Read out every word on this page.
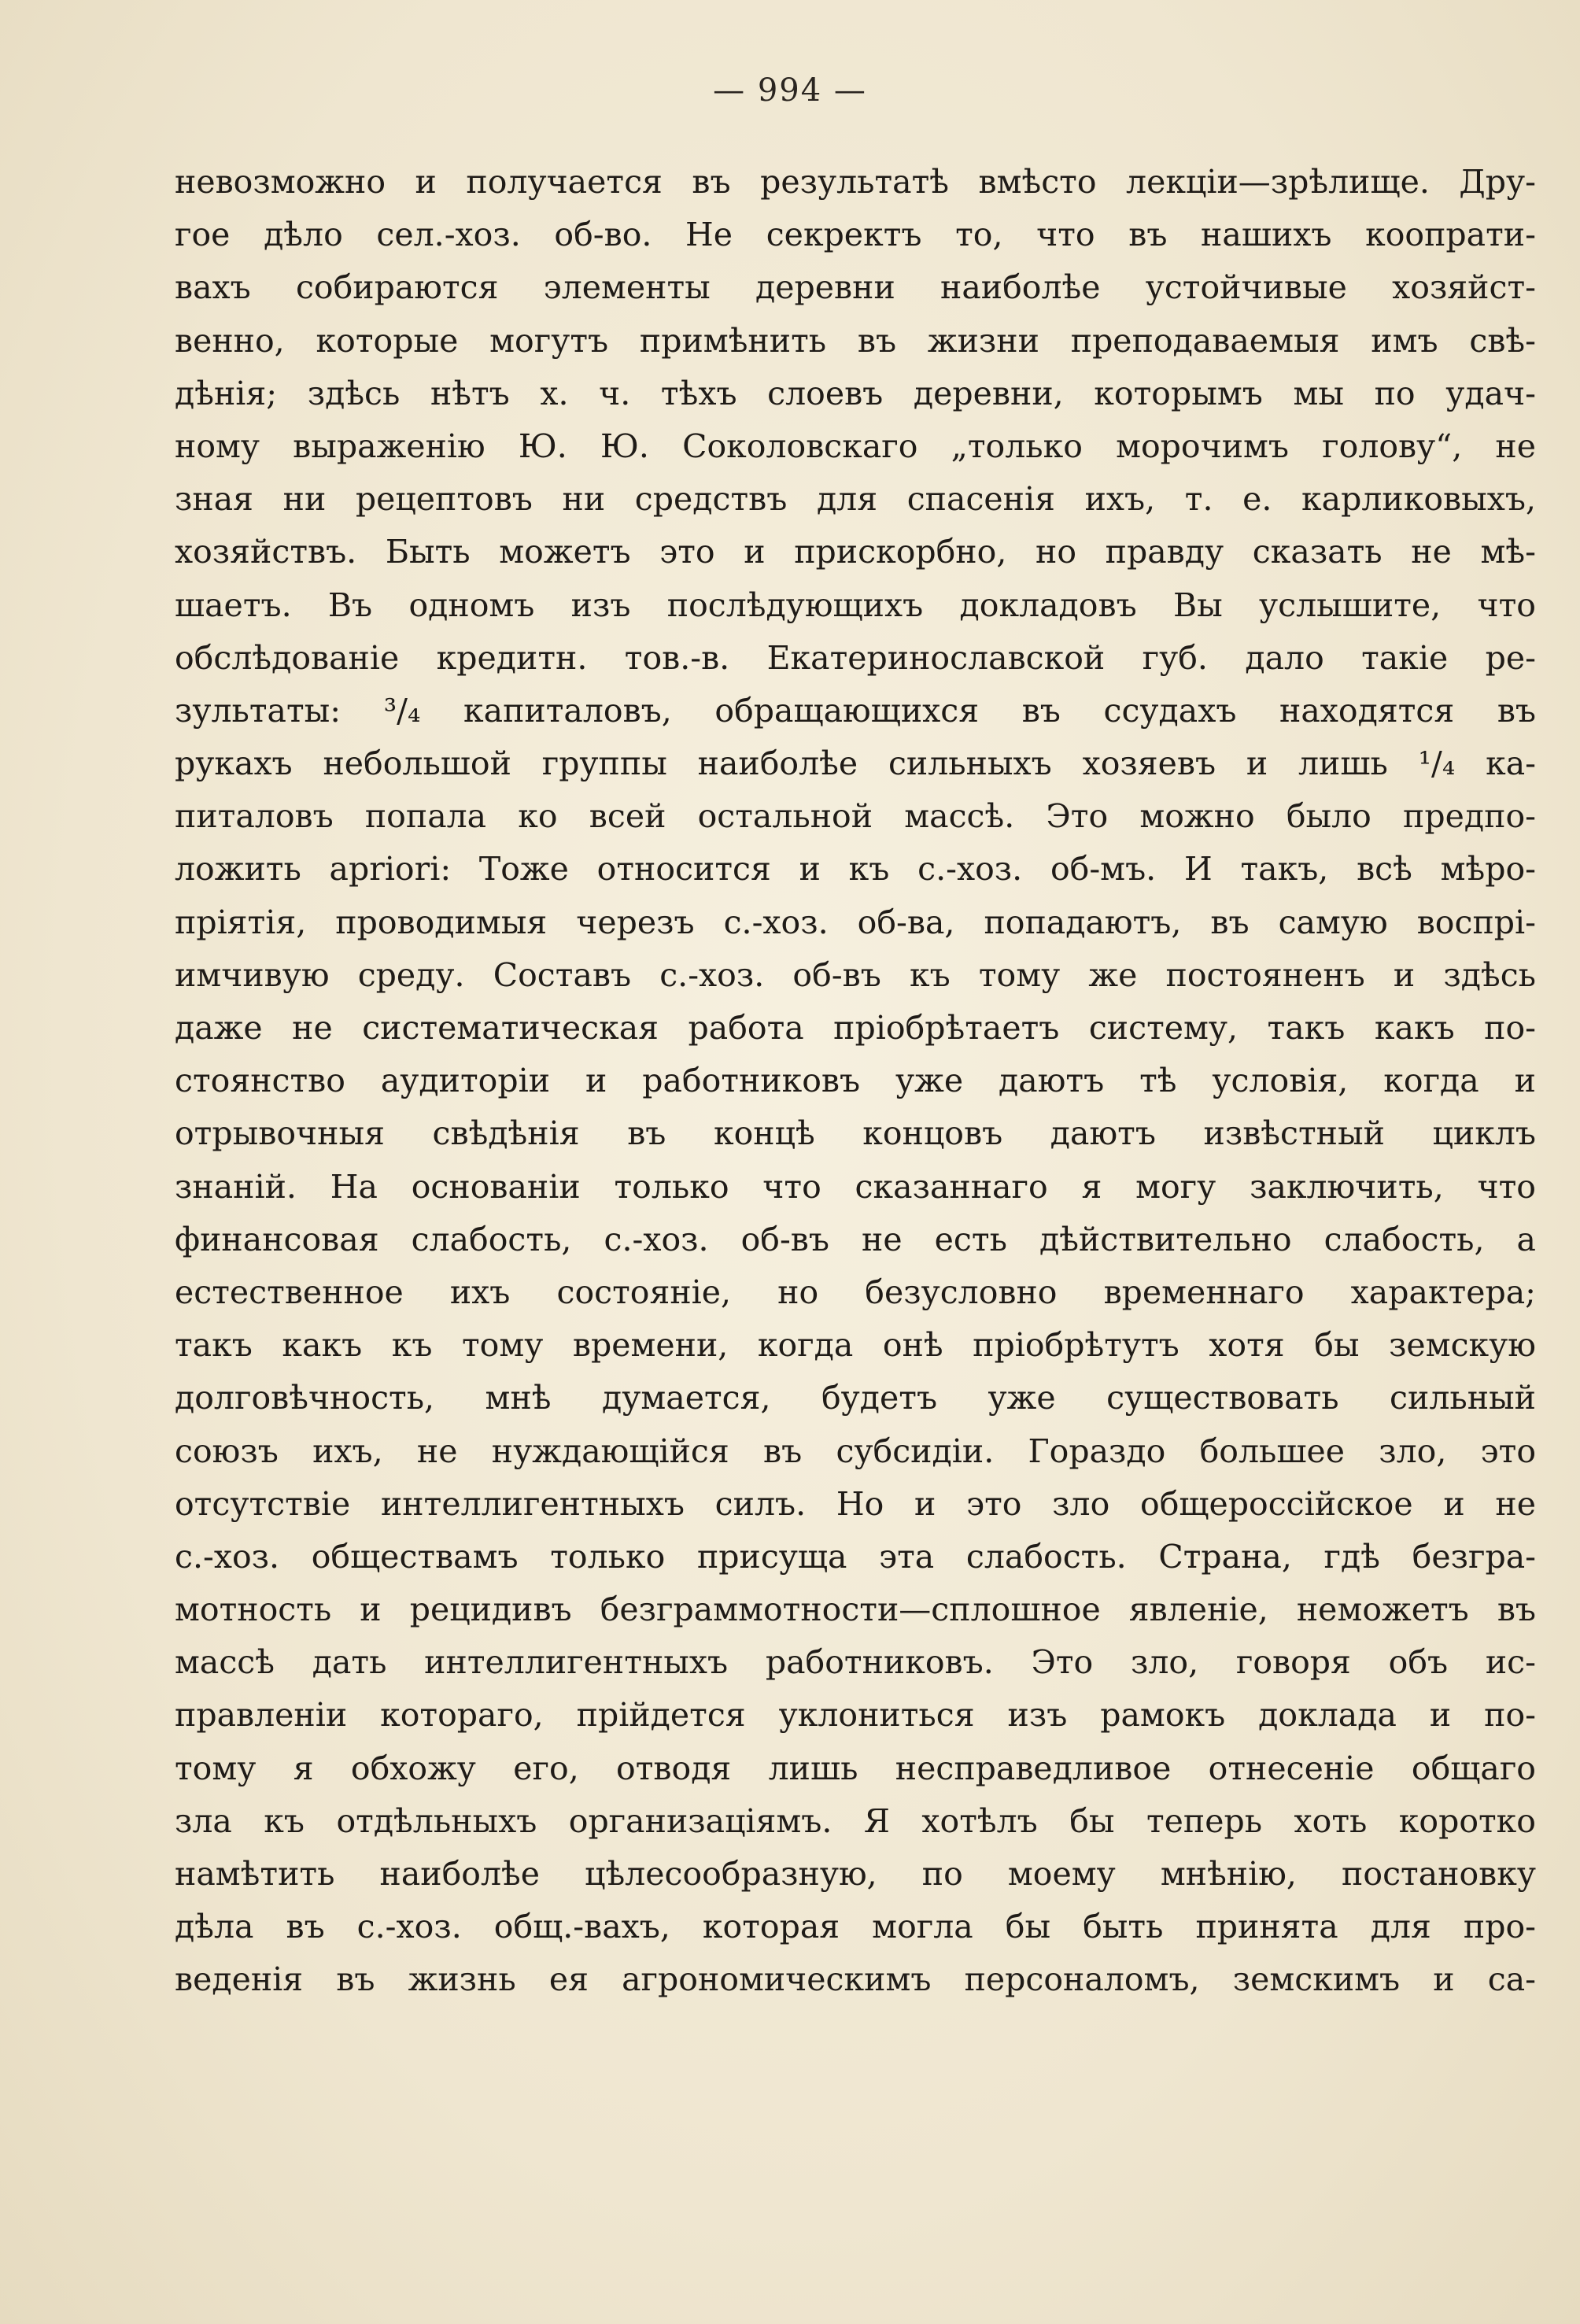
— 994 —
невозможно и получается въ результатѣ вмѣсто лекціи—зрѣлище. Дру-
гое дѣло сел.-хоз. об-во. Не секректъ то, что въ нашихъ коопрати-
вахъ собираются элементы деревни наиболѣе устойчивые хозяйст-
венно, которые могутъ примѣнить въ жизни преподаваемыя имъ свѣ-
дѣнія; здѣсь нѣтъ х. ч. тѣхъ слоевъ деревни, которымъ мы по удач-
ному выраженію Ю. Ю. Соколовскаго „только морочимъ голову“, не
зная ни рецептовъ ни средствъ для спасенія ихъ, т. е. карликовыхъ,
хозяйствъ. Быть можетъ это и прискорбно, но правду сказать не мѣ-
шаетъ. Въ одномъ изъ послѣдующихъ докладовъ Вы услышите, что
обслѣдованіе кредитн. тов.-в. Екатеринославской губ. дало такіе ре-
зультаты: ³/₄ капиталовъ, обращающихся въ ссудахъ находятся въ
рукахъ небольшой группы наиболѣе сильныхъ хозяевъ и лишь ¹/₄ ка-
питаловъ попала ко всей остальной массѣ. Это можно было предпо-
ложить apriori: Тоже относится и къ с.-хоз. об-мъ. И такъ, всѣ мѣро-
пріятія, проводимыя черезъ с.-хоз. об-ва, попадаютъ, въ самую воспрі-
имчивую среду. Составъ с.-хоз. об-въ къ тому же постояненъ и здѣсь
даже не систематическая работа пріобрѣтаетъ систему, такъ какъ по-
стоянство аудиторіи и работниковъ уже даютъ тѣ условія, когда и
отрывочныя свѣдѣнія въ концѣ концовъ даютъ извѣстный циклъ
знаній. На основаніи только что сказаннаго я могу заключить, что
финансовая слабость, с.-хоз. об-въ не есть дѣйствительно слабость, а
естественное ихъ состояніе, но безусловно временнаго характера;
такъ какъ къ тому времени, когда онѣ пріобрѣтутъ хотя бы земскую
долговѣчность, мнѣ думается, будетъ уже существовать сильный
союзъ ихъ, не нуждающійся въ субсидіи. Гораздо большее зло, это
отсутствіе интеллигентныхъ силъ. Но и это зло общероссійское и не
с.-хоз. обществамъ только присуща эта слабость. Страна, гдѣ безгра-
мотность и рецидивъ безграммотности—сплошное явленіе, неможетъ въ
массѣ дать интеллигентныхъ работниковъ. Это зло, говоря объ ис-
правленіи котораго, прійдется уклониться изъ рамокъ доклада и по-
тому я обхожу его, отводя лишь несправедливое отнесеніе общаго
зла къ отдѣльныхъ организаціямъ. Я хотѣлъ бы теперь хоть коротко
намѣтить наиболѣе цѣлесообразную, по моему мнѣнію, постановку
дѣла въ с.-хоз. общ.-вахъ, которая могла бы быть принята для про-
веденія въ жизнь ея агрономическимъ персоналомъ, земскимъ и са-
